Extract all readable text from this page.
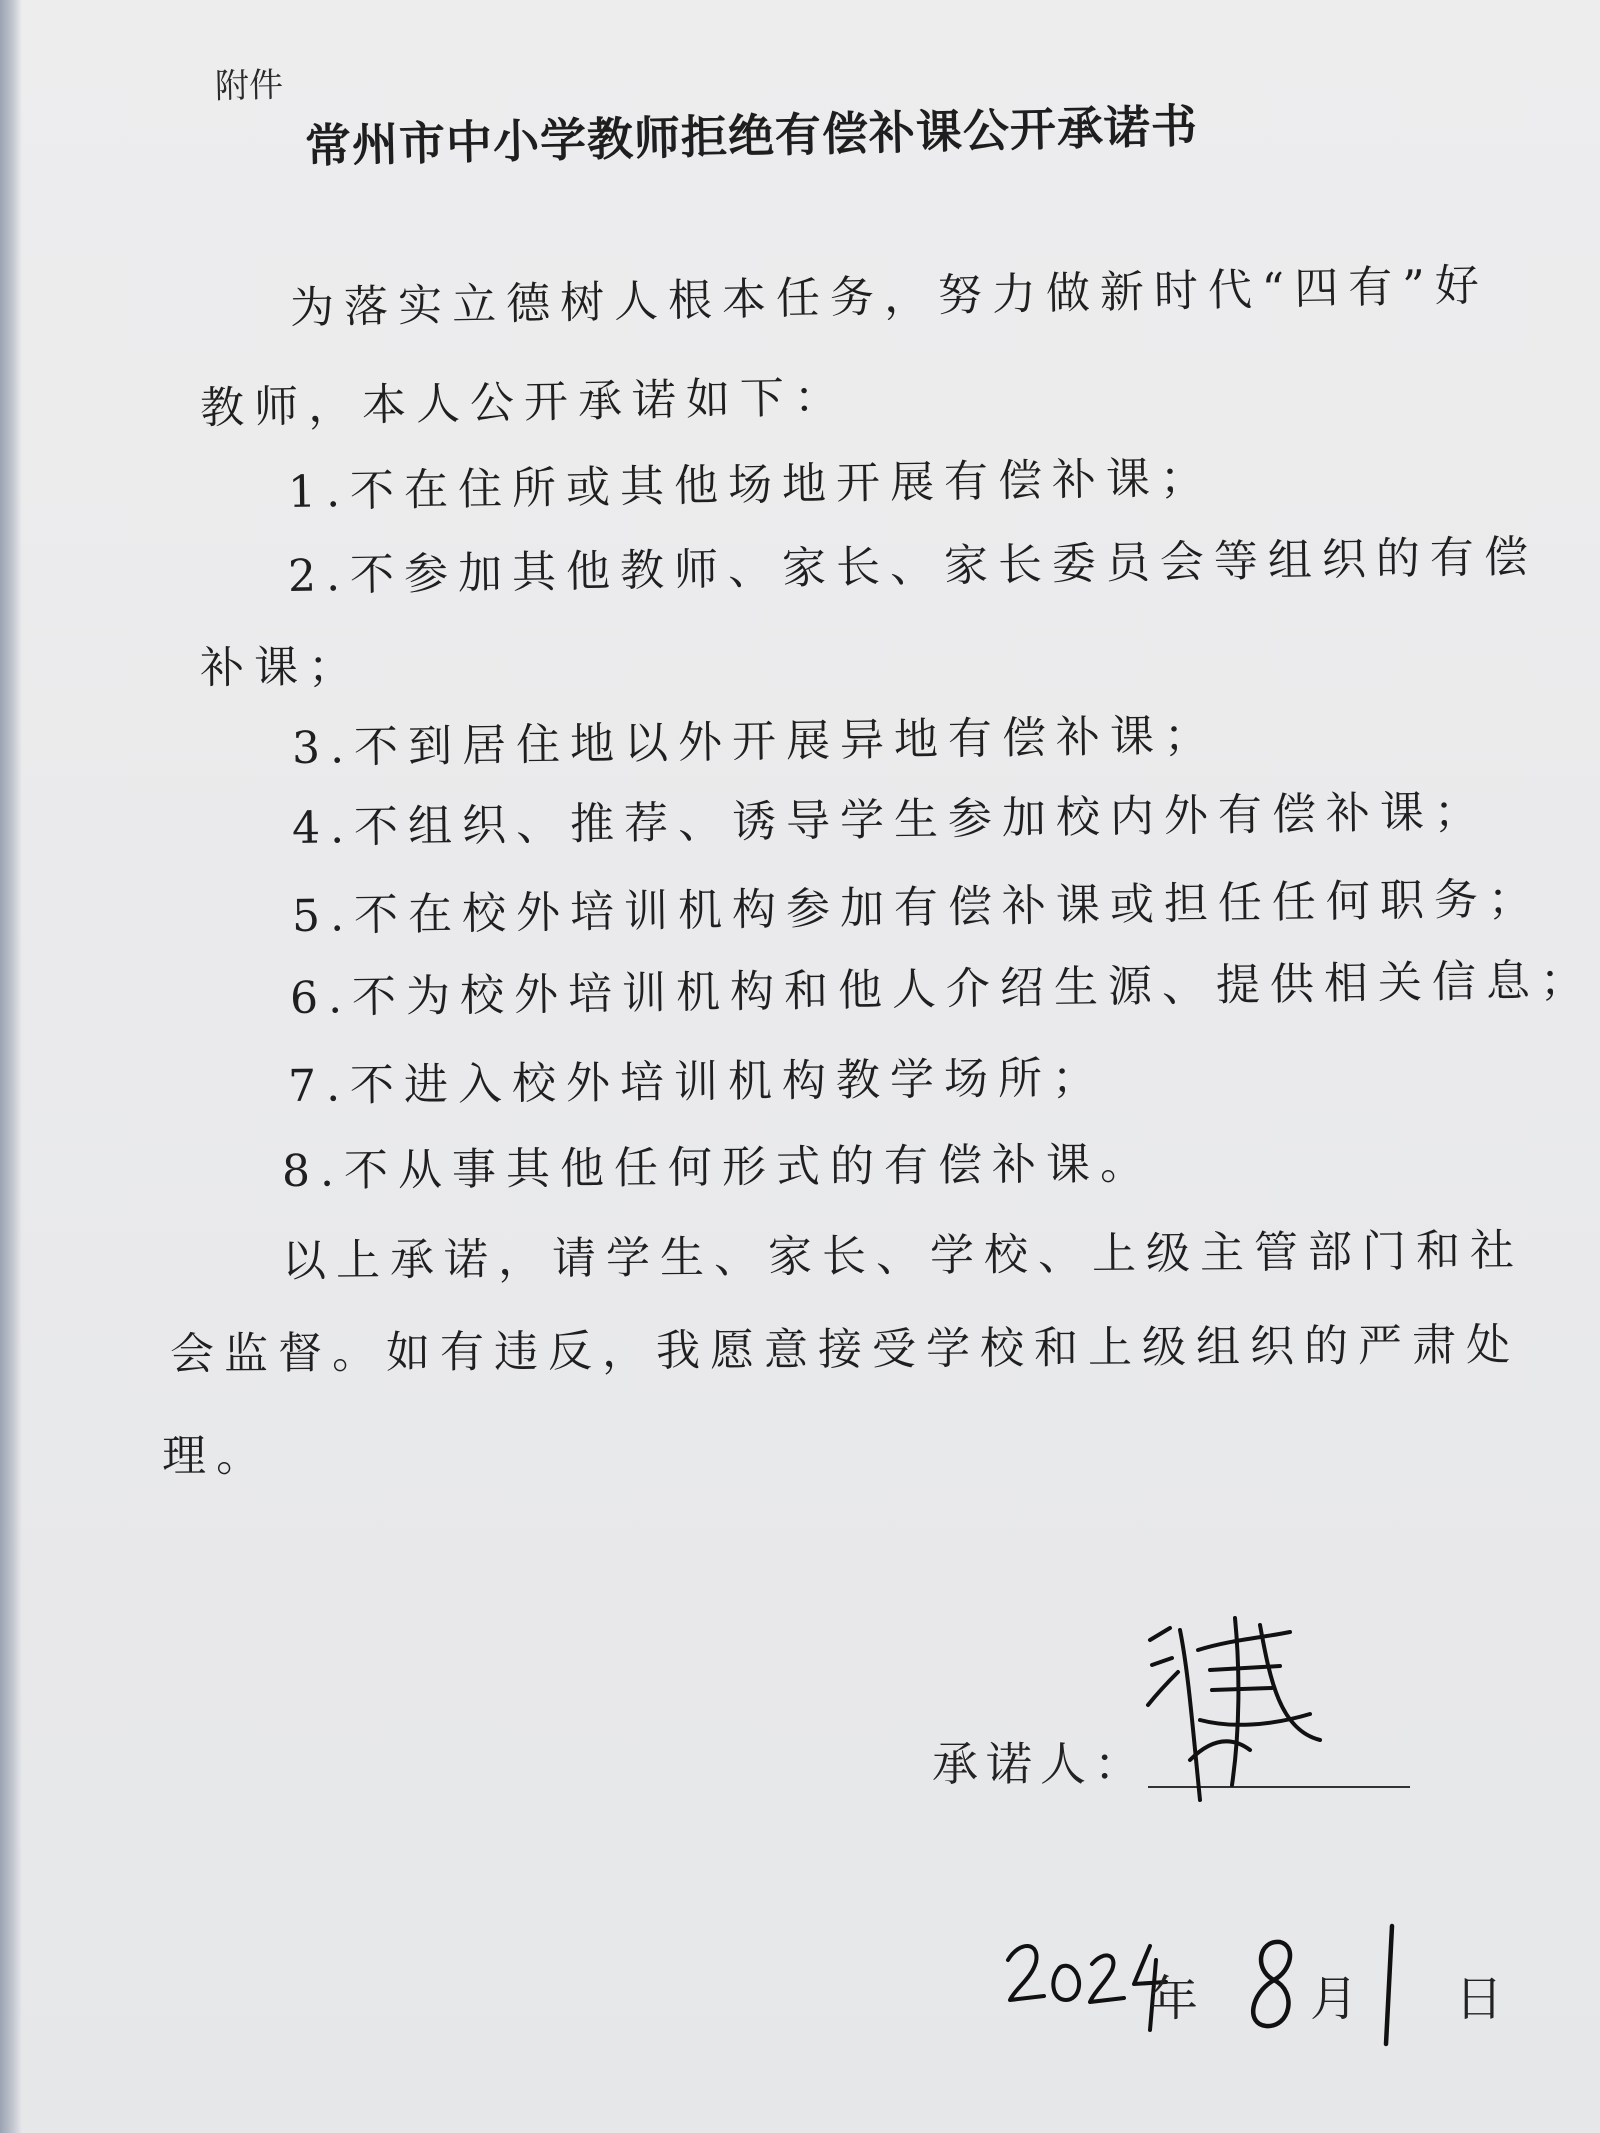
附件
常州市中小学教师拒绝有偿补课公开承诺书
为落实立德树人根本任务，努力做新时代“四有”好
教师，本人公开承诺如下：
1.不在住所或其他场地开展有偿补课；
2.不参加其他教师、家长、家长委员会等组织的有偿
补课；
3.不到居住地以外开展异地有偿补课；
4.不组织、推荐、诱导学生参加校内外有偿补课；
5.不在校外培训机构参加有偿补课或担任任何职务；
6.不为校外培训机构和他人介绍生源、提供相关信息；
7.不进入校外培训机构教学场所；
8.不从事其他任何形式的有偿补课。
以上承诺，请学生、家长、学校、上级主管部门和社
会监督。如有违反，我愿意接受学校和上级组织的严肃处
理。
承诺人：
年 月 日
